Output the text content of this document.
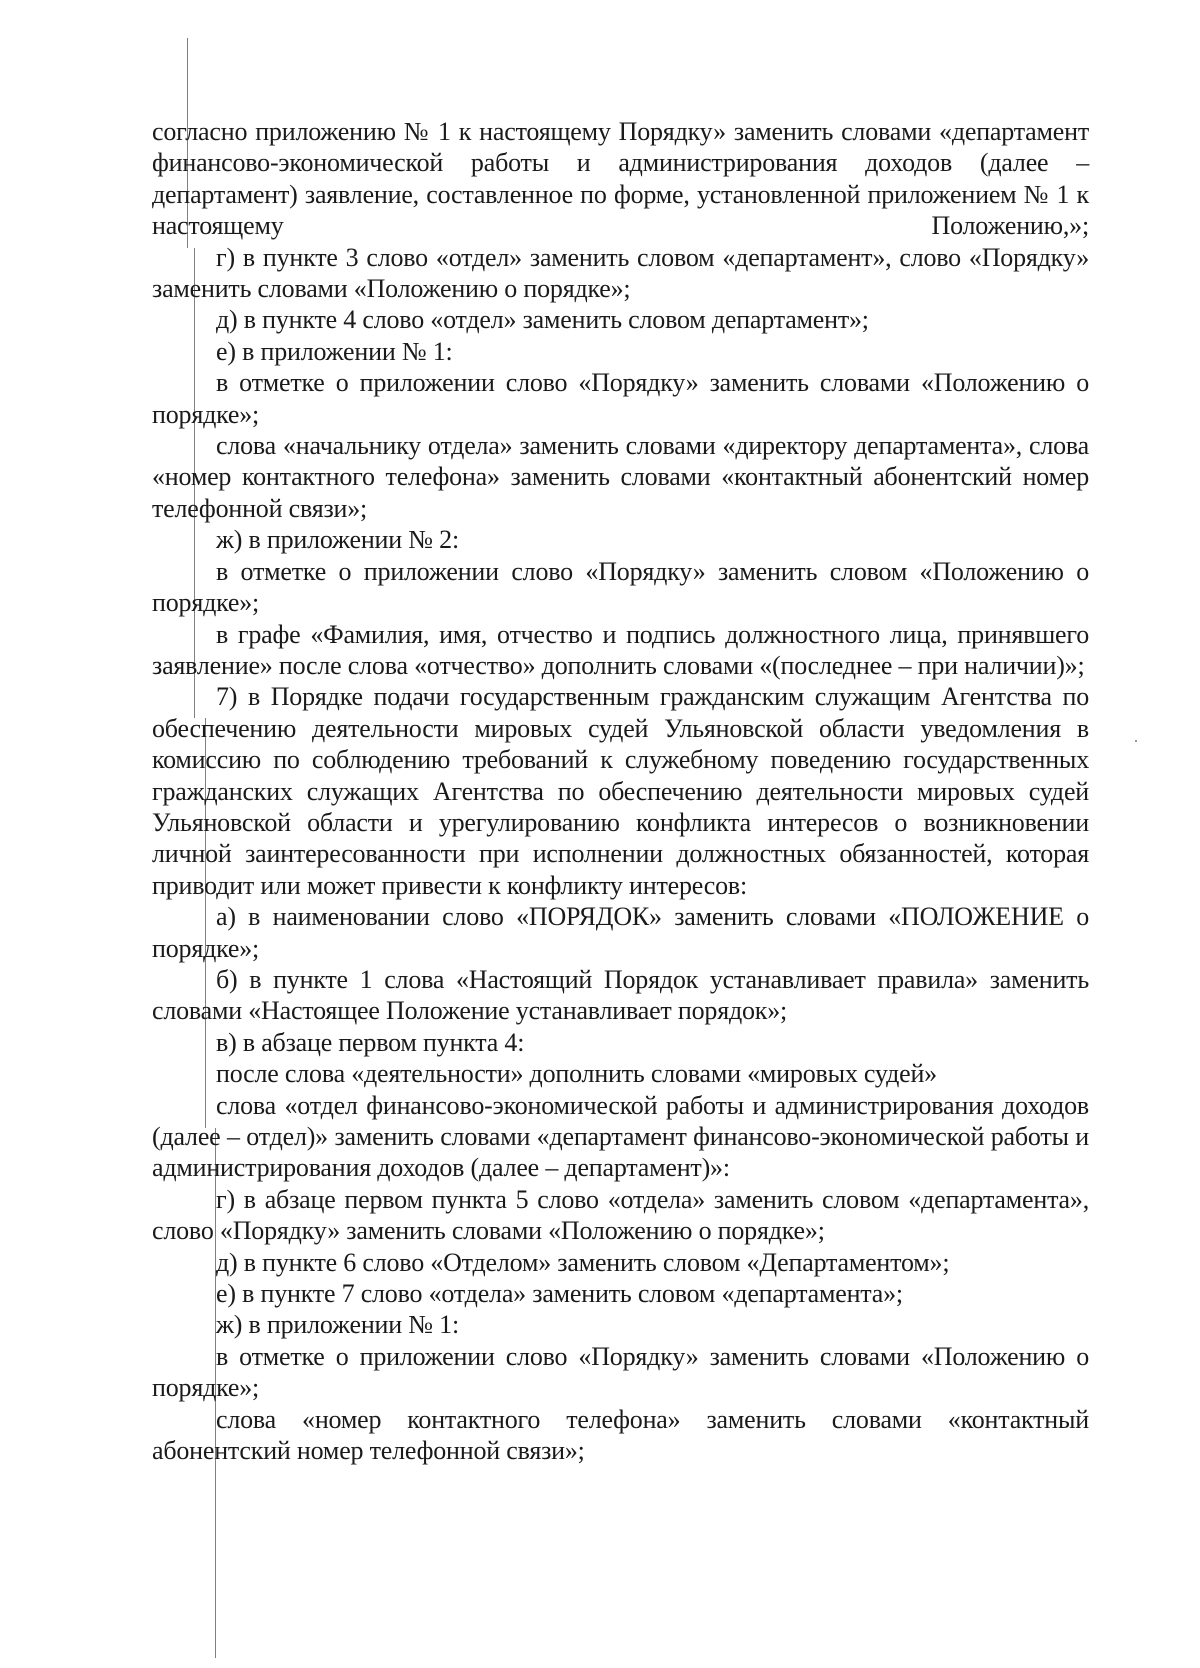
согласно приложению № 1 к настоящему Порядку» заменить словами «департамент финансово-экономической работы и администрирования доходов (далее – департамент) заявление, составленное по форме, установленной приложением № 1 к настоящему Положению,»;

г) в пункте 3 слово «отдел» заменить словом «департамент», слово «Порядку» заменить словами «Положению о порядке»;

д) в пункте 4 слово «отдел» заменить словом департамент»;

е) в приложении № 1:

в отметке о приложении слово «Порядку» заменить словами «Положению о порядке»;

слова «начальнику отдела» заменить словами «директору департамента», слова «номер контактного телефона» заменить словами «контактный абонентский номер телефонной связи»;

ж) в приложении № 2:

в отметке о приложении слово «Порядку» заменить словом «Положению о порядке»;

в графе «Фамилия, имя, отчество и подпись должностного лица, принявшего заявление» после слова «отчество» дополнить словами «(последнее – при наличии)»;

7) в Порядке подачи государственным гражданским служащим Агентства по обеспечению деятельности мировых судей Ульяновской области уведомления в комиссию по соблюдению требований к служебному поведению государственных гражданских служащих Агентства по обеспечению деятельности мировых судей Ульяновской области и урегулированию конфликта интересов о возникновении личной заинтересованности при исполнении должностных обязанностей, которая приводит или может привести к конфликту интересов:

а) в наименовании слово «ПОРЯДОК» заменить словами «ПОЛОЖЕНИЕ о порядке»;

б) в пункте 1 слова «Настоящий Порядок устанавливает правила» заменить словами «Настоящее Положение устанавливает порядок»;

в) в абзаце первом пункта 4:

после слова «деятельности» дополнить словами «мировых судей»

слова «отдел финансово-экономической работы и администрирования доходов (далее – отдел)» заменить словами «департамент финансово-экономической работы и администрирования доходов (далее – департамент)»:

г) в абзаце первом пункта 5 слово «отдела» заменить словом «департамента», слово «Порядку» заменить словами «Положению о порядке»;

д) в пункте 6 слово «Отделом» заменить словом «Департаментом»;

е) в пункте 7 слово «отдела» заменить словом «департамента»;

ж) в приложении № 1:

в отметке о приложении слово «Порядку» заменить словами «Положению о порядке»;

слова «номер контактного телефона» заменить словами «контактный абонентский номер телефонной связи»;
